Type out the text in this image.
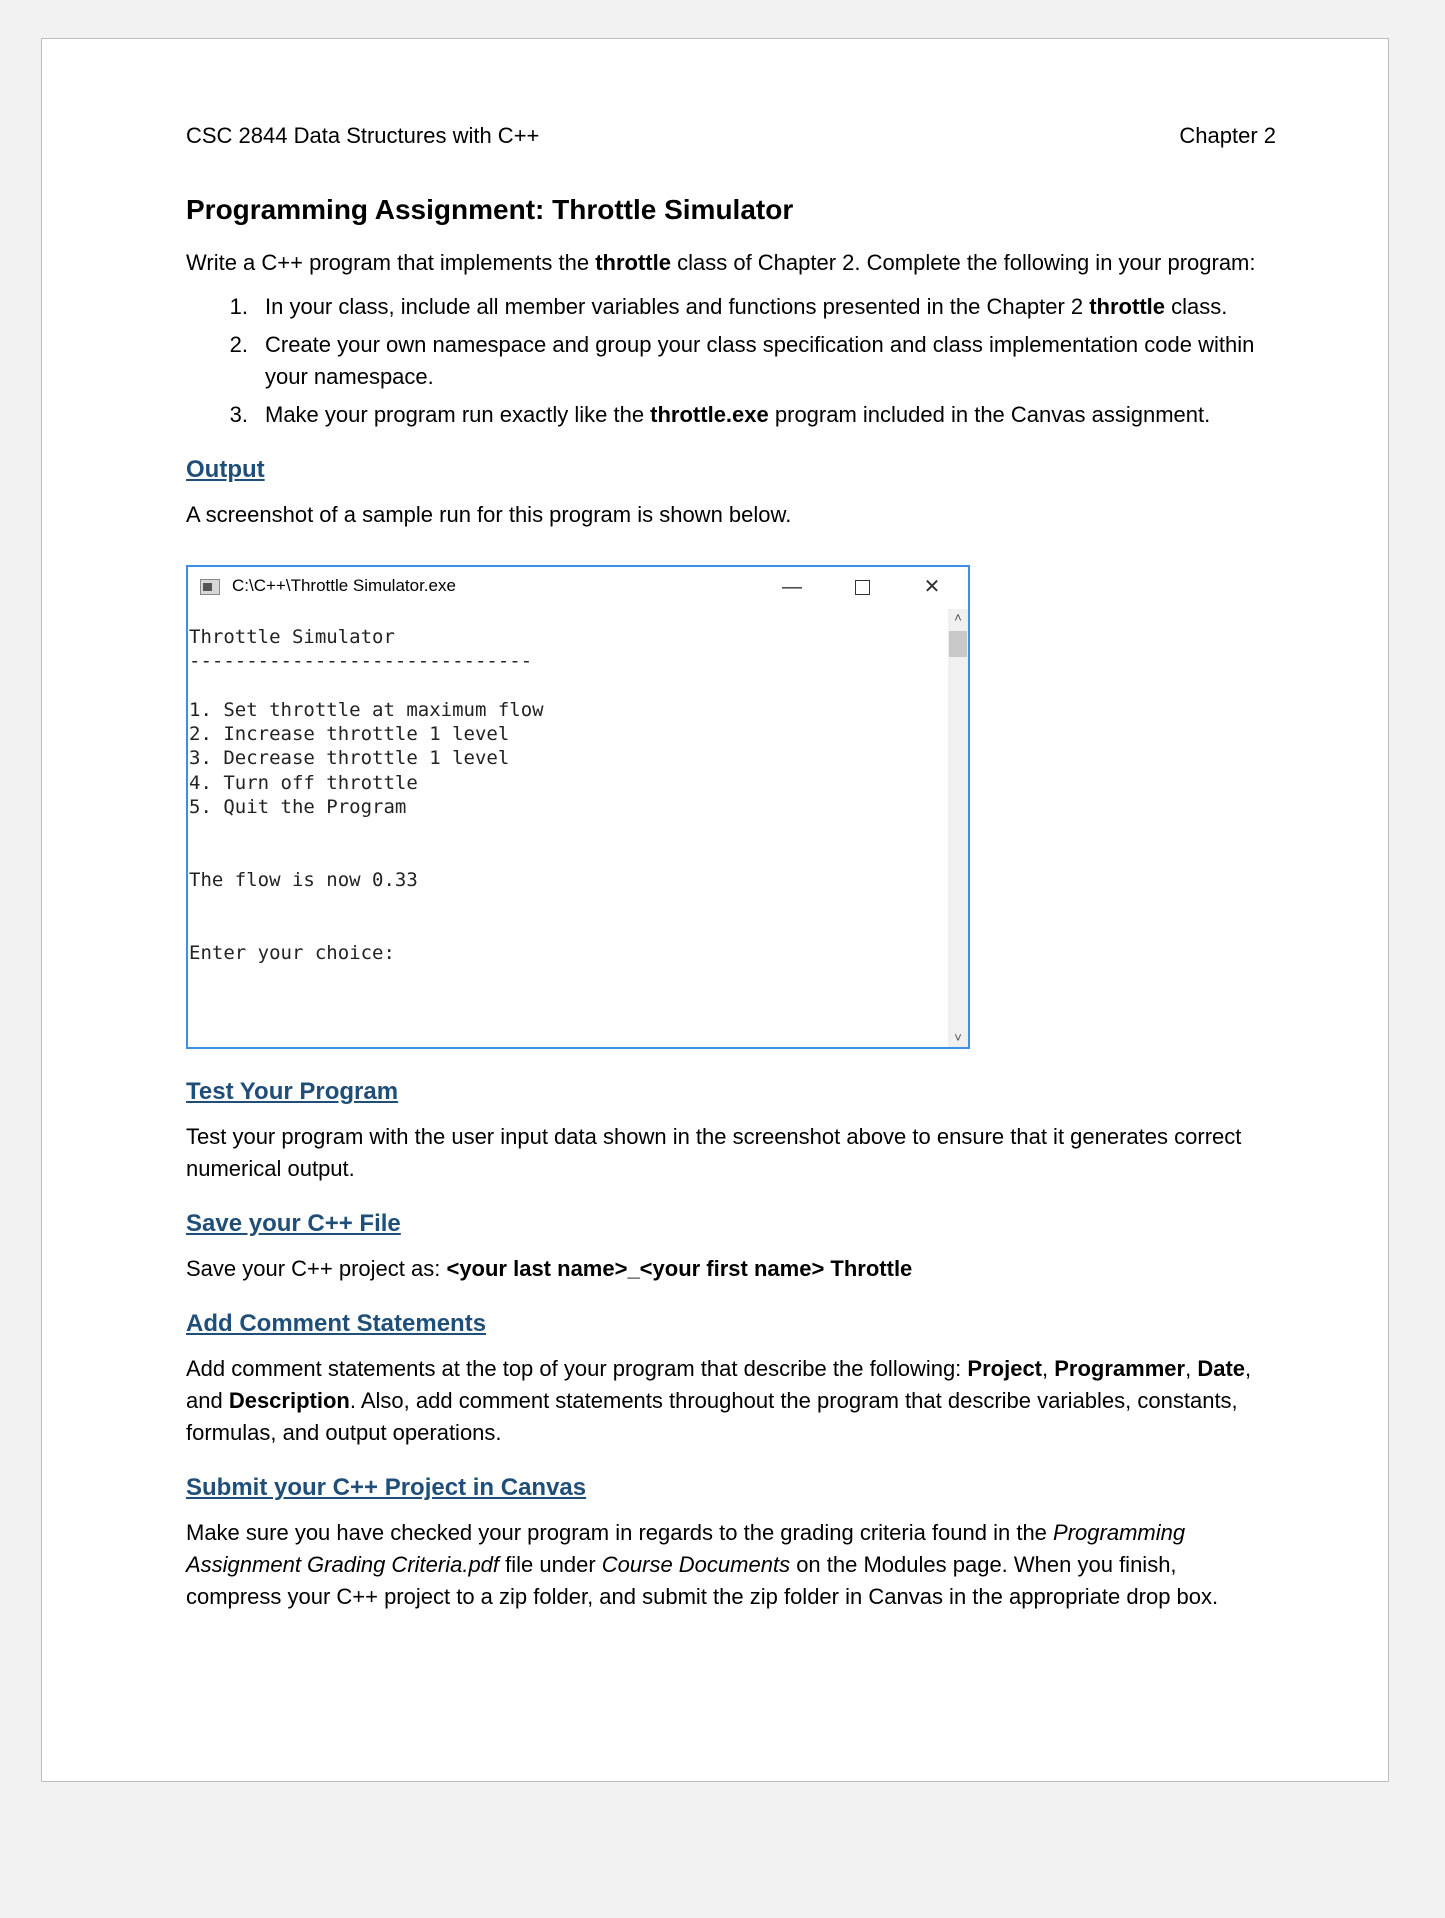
CSC 2844 Data Structures with C++	Chapter 2
Programming Assignment: Throttle Simulator

Write a C++ program that implements the throttle class of Chapter 2. Complete the following in your program:

1. In your class, include all member variables and functions presented in the Chapter 2 throttle class.
2. Create your own namespace and group your class specification and class implementation code within your namespace.
3. Make your program run exactly like the throttle.exe program included in the Canvas assignment.
Output

A screenshot of a sample run for this program is shown below.

C:\C++\Throttle Simulator.exe	—	✕
Throttle Simulator
------------------------------

1. Set throttle at maximum flow
2. Increase throttle 1 level
3. Decrease throttle 1 level
4. Turn off throttle
5. Quit the Program

The flow is now 0.33

Enter your choice:
˄
˅
Test Your Program

Test your program with the user input data shown in the screenshot above to ensure that it generates correct numerical output.

Save your C++ File

Save your C++ project as: <your last name>_<your first name> Throttle

Add Comment Statements

Add comment statements at the top of your program that describe the following: Project, Programmer, Date, and Description. Also, add comment statements throughout the program that describe variables, constants, formulas, and output operations.

Submit your C++ Project in Canvas

Make sure you have checked your program in regards to the grading criteria found in the Programming Assignment Grading Criteria.pdf file under Course Documents on the Modules page. When you finish, compress your C++ project to a zip folder, and submit the zip folder in Canvas in the appropriate drop box.
